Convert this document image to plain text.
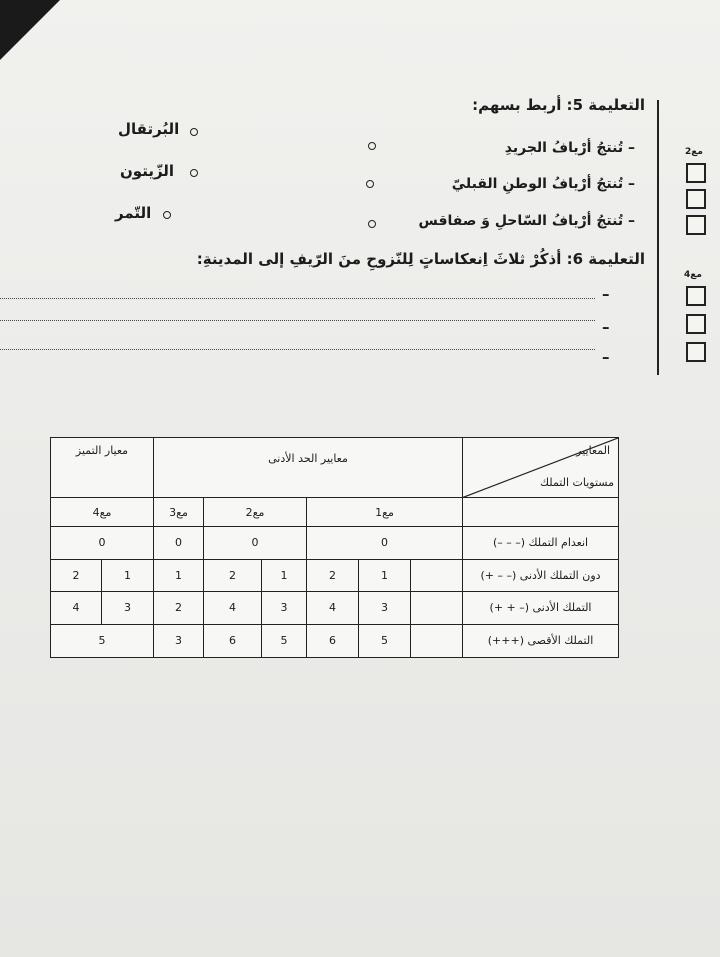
التعليمة 5: أربط بسهم:
– تُنتجُ أرْيافُ الجريدِ
– تُنتجُ أرْيافُ الوطنِ القبليّ
– تُنتجُ أرْيافُ السّاحلِ وَ صفاقس
البُرتقال
الزّيتون
التّمر
التعليمة 6: أذكُرْ ثلاثَ اِنعكاساتٍ لِلنّزوحِ منَ الرّيفِ إلى المدينةِ:
–
–
–
مع2
مع4
معيار التميز		معايير الحد الأدنى						المعايير
مستويات التملك

مع4		مع3	مع2		مع1			
0		0	0		0			انعدام التملك (– – –)
2	1	1	2	1	2	1		دون التملك الأدنى (– – +)
4	3	2	4	3	4	3		التملك الأدنى (– + +)
5		3	6	5	6	5		التملك الأقصى (+++)
